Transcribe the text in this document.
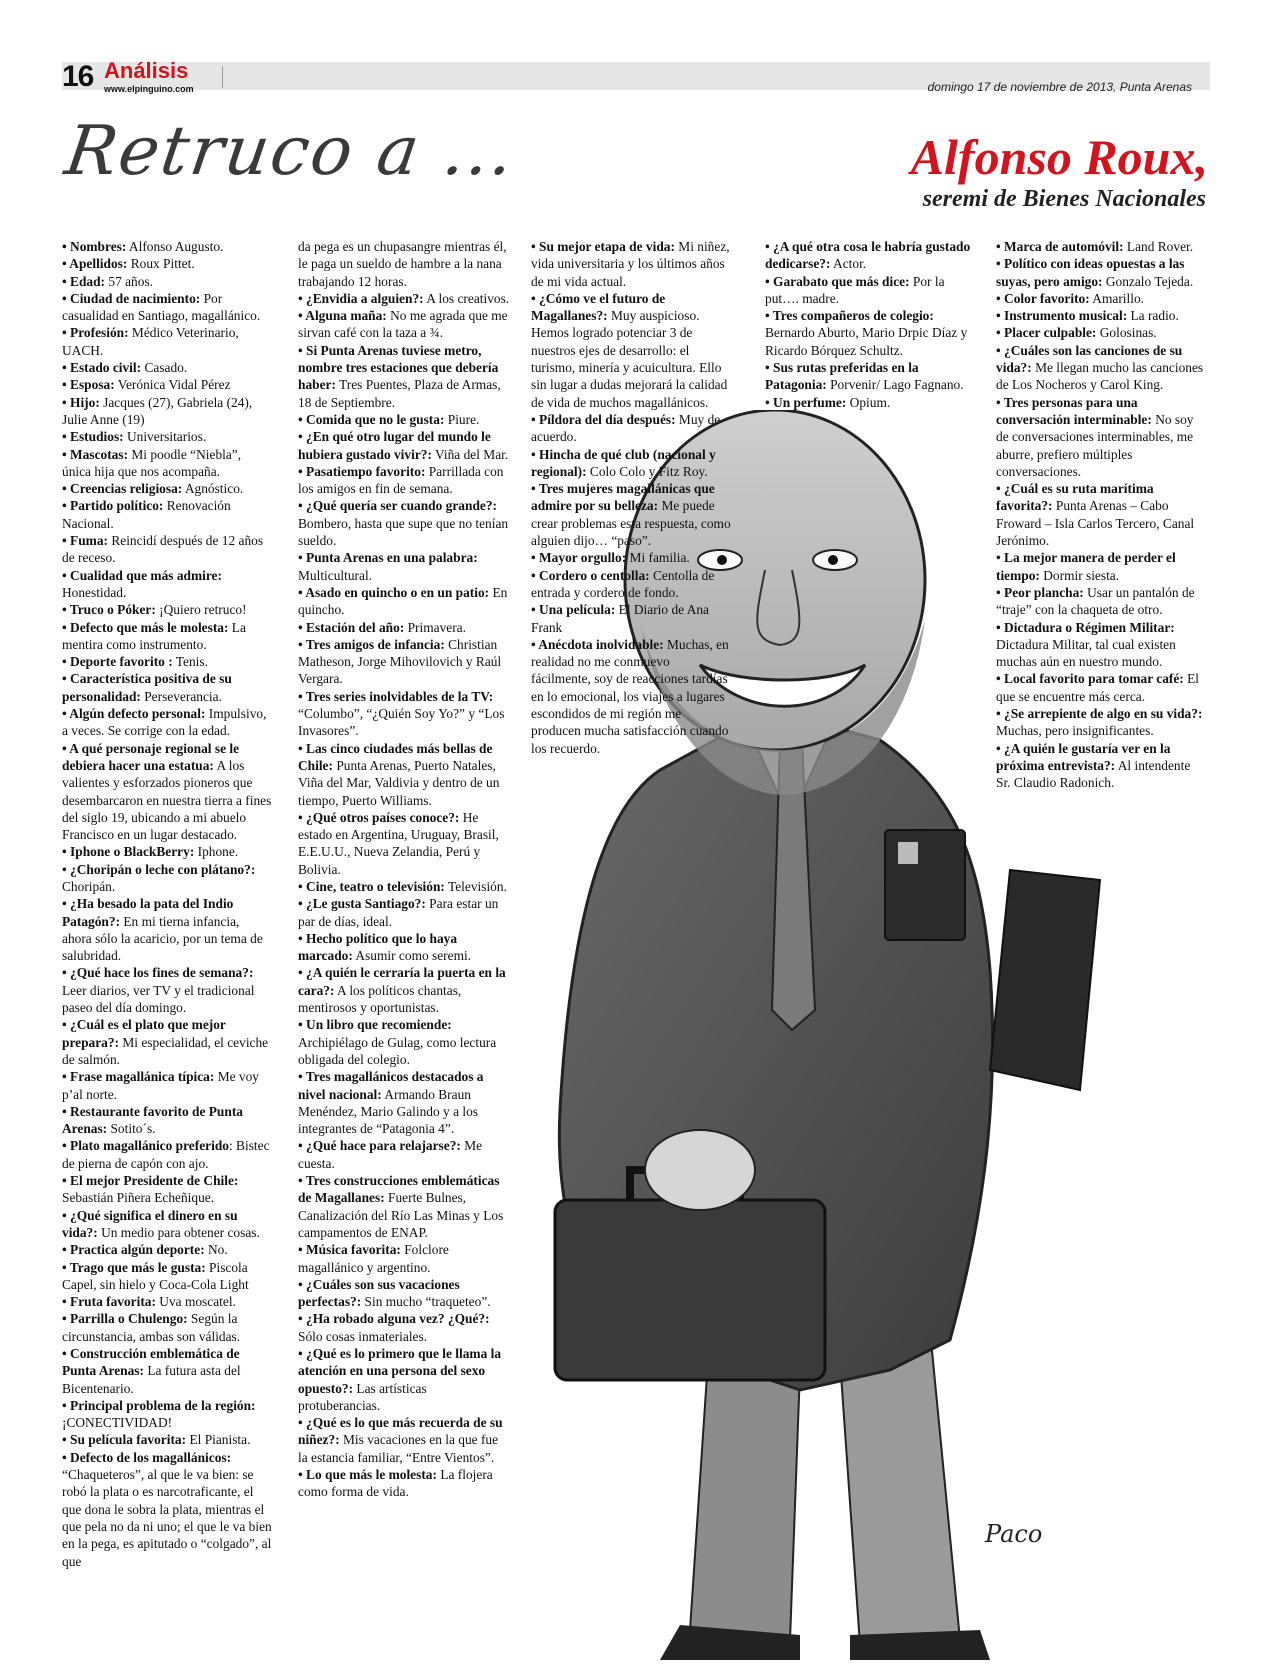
16 Análisis
www.elpinguino.com	domingo 17 de noviembre de 2013, Punta Arenas
Retruco a ...	Alfonso Roux,
seremi de Bienes Nacionales
Paco

• Nombres: Alfonso Augusto.

• Apellidos: Roux Pittet.

• Edad: 57 años.

• Ciudad de nacimiento: Por casualidad en Santiago, magallánico.

• Profesión: Médico Veterinario, UACH.

• Estado civil: Casado.

• Esposa: Verónica Vidal Pérez

• Hijo: Jacques (27), Gabriela (24), Julie Anne (19)

• Estudios: Universitarios.

• Mascotas: Mi poodle “Niebla”, única hija que nos acompaña.

• Creencias religiosa: Agnóstico.

• Partido político: Renovación Nacional.

• Fuma: Reincidí después de 12 años de receso.

• Cualidad que más admire: Honestidad.

• Truco o Póker: ¡Quiero retruco!

• Defecto que más le molesta: La mentira como instrumento.

• Deporte favorito : Tenis.

• Característica positiva de su personalidad: Perseverancia.

• Algún defecto personal: Impulsivo, a veces. Se corrige con la edad.

• A qué personaje regional se le debiera hacer una estatua: A los valientes y esforzados pioneros que desembarcaron en nuestra tierra a fines del siglo 19, ubicando a mi abuelo Francisco en un lugar destacado.

• Iphone o BlackBerry: Iphone.

• ¿Choripán o leche con plátano?: Choripán.

• ¿Ha besado la pata del Indio Patagón?: En mi tierna infancia, ahora sólo la acaricio, por un tema de salubridad.

• ¿Qué hace los fines de semana?: Leer diarios, ver TV y el tradicional paseo del día domingo.

• ¿Cuál es el plato que mejor prepara?: Mi especialidad, el ceviche de salmón.

• Frase magallánica típica: Me voy p’al norte.

• Restaurante favorito de Punta Arenas: Sotito´s.

• Plato magallánico preferido: Bistec de pierna de capón con ajo.

• El mejor Presidente de Chile: Sebastián Piñera Echeñique.

• ¿Qué significa el dinero en su vida?: Un medio para obtener cosas.

• Practica algún deporte: No.

• Trago que más le gusta: Piscola Capel, sin hielo y Coca-Cola Light

• Fruta favorita: Uva moscatel.

• Parrilla o Chulengo: Según la circunstancia, ambas son válidas.

• Construcción emblemática de Punta Arenas: La futura asta del Bicentenario.

• Principal problema de la región: ¡CONECTIVIDAD!

• Su película favorita: El Pianista.

• Defecto de los magallánicos: “Chaqueteros”, al que le va bien: se robó la plata o es narcotraficante, el que dona le sobra la plata, mientras el que pela no da ni uno; el que le va bien en la pega, es apitutado o “colgado”, al que

da pega es un chupasangre mientras él, le paga un sueldo de hambre a la nana trabajando 12 horas.

• ¿Envidia a alguien?: A los creativos.

• Alguna maña: No me agrada que me sirvan café con la taza a ¾.

• Si Punta Arenas tuviese metro, nombre tres estaciones que debería haber: Tres Puentes, Plaza de Armas, 18 de Septiembre.

• Comida que no le gusta: Piure.

• ¿En qué otro lugar del mundo le hubiera gustado vivir?: Viña del Mar.

• Pasatiempo favorito: Parrillada con los amigos en fin de semana.

• ¿Qué quería ser cuando grande?: Bombero, hasta que supe que no tenían sueldo.

• Punta Arenas en una palabra: Multicultural.

• Asado en quincho o en un patio: En quincho.

• Estación del año: Primavera.

• Tres amigos de infancia: Christian Matheson, Jorge Mihovilovich y Raúl Vergara.

• Tres series inolvidables de la TV: “Columbo”, “¿Quién Soy Yo?” y “Los Invasores”.

• Las cinco ciudades más bellas de Chile: Punta Arenas, Puerto Natales, Viña del Mar, Valdivia y dentro de un tiempo, Puerto Williams.

• ¿Qué otros países conoce?: He estado en Argentina, Uruguay, Brasil, E.E.U.U., Nueva Zelandia, Perú y Bolivia.

• Cine, teatro o televisión: Televisión.

• ¿Le gusta Santiago?: Para estar un par de días, ideal.

• Hecho político que lo haya marcado: Asumir como seremi.

• ¿A quién le cerraría la puerta en la cara?: A los políticos chantas, mentirosos y oportunistas.

• Un libro que recomiende: Archipiélago de Gulag, como lectura obligada del colegio.

• Tres magallánicos destacados a nivel nacional: Armando Braun Menéndez, Mario Galindo y a los integrantes de “Patagonia 4”.

• ¿Qué hace para relajarse?: Me cuesta.

• Tres construcciones emblemáticas de Magallanes: Fuerte Bulnes, Canalización del Río Las Minas y Los campamentos de ENAP.

• Música favorita: Folclore magallánico y argentino.

• ¿Cuáles son sus vacaciones perfectas?: Sin mucho “traqueteo”.

• ¿Ha robado alguna vez? ¿Qué?: Sólo cosas inmateriales.

• ¿Qué es lo primero que le llama la atención en una persona del sexo opuesto?: Las artísticas protuberancias.

• ¿Qué es lo que más recuerda de su niñez?: Mis vacaciones en la que fue la estancia familiar, “Entre Vientos”.

• Lo que más le molesta: La flojera como forma de vida.

• Su mejor etapa de vida: Mi niñez, vida universitaria y los últimos años de mi vida actual.

• ¿Cómo ve el futuro de Magallanes?: Muy auspicioso. Hemos logrado potenciar 3 de nuestros ejes de desarrollo: el turismo, minería y acuicultura. Ello sin lugar a dudas mejorará la calidad de vida de muchos magallánicos.

• Píldora del día después: Muy de acuerdo.

• Hincha de qué club (nacional y regional): Colo Colo y Fitz Roy.

• Tres mujeres magallánicas que admire por su belleza: Me puede crear problemas esta respuesta, como alguien dijo… “paso”.

• Mayor orgullo: Mi familia.

• Cordero o centolla: Centolla de entrada y cordero de fondo.

• Una película: El Diario de Ana Frank

• Anécdota inolvidable: Muchas, en realidad no me conmuevo fácilmente, soy de reacciones tardías en lo emocional, los viajes a lugares escondidos de mi región me producen mucha satisfacción cuando los recuerdo.

• ¿A qué otra cosa le habría gustado dedicarse?: Actor.

• Garabato que más dice: Por la put…. madre.

• Tres compañeros de colegio: Bernardo Aburto, Mario Drpic Díaz y Ricardo Bórquez Schultz.

• Sus rutas preferidas en la Patagonia: Porvenir/ Lago Fagnano.

• Un perfume: Opium.

• Marca de automóvil: Land Rover.

• Político con ideas opuestas a las suyas, pero amigo: Gonzalo Tejeda.

• Color favorito: Amarillo.

• Instrumento musical: La radio.

• Placer culpable: Golosinas.

• ¿Cuáles son las canciones de su vida?: Me llegan mucho las canciones de Los Nocheros y Carol King.

• Tres personas para una conversación interminable: No soy de conversaciones interminables, me aburre, prefiero múltiples conversaciones.

• ¿Cuál es su ruta marítima favorita?: Punta Arenas – Cabo Froward – Isla Carlos Tercero, Canal Jerónimo.

• La mejor manera de perder el tiempo: Dormir siesta.

• Peor plancha: Usar un pantalón de “traje” con la chaqueta de otro.

• Dictadura o Régimen Militar: Dictadura Militar, tal cual existen muchas aún en nuestro mundo.

• Local favorito para tomar café: El que se encuentre más cerca.

• ¿Se arrepiente de algo en su vida?: Muchas, pero insignificantes.

• ¿A quién le gustaría ver en la próxima entrevista?: Al intendente Sr. Claudio Radonich.
